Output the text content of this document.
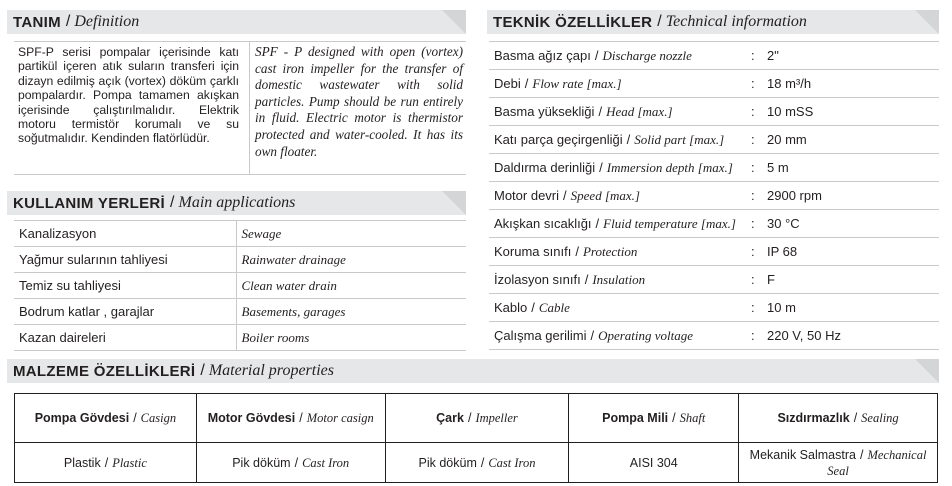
TANIM / Definition
SPF-P serisi pompalar içerisinde katı partikül içeren atık suların transferi için dizayn edilmiş açık (vortex) döküm çarklı pompalardır. Pompa tamamen akışkan içerisinde çalıştırılmalıdır. Elektrik motoru termistör korumalı ve su soğutmalıdır. Kendinden flatörlüdür.
SPF - P designed with open (vortex) cast iron impeller for the transfer of domestic wastewater with solid particles. Pump should be run entirely in fluid. Electric motor is thermistor protected and water-cooled. It has its own floater.
KULLANIM YERLERİ / Main applications
Kanalizasyon	Sewage
Yağmur sularının tahliyesi	Rainwater drainage
Temiz su tahliyesi	Clean water drain
Bodrum katlar , garajlar	Basements, garages
Kazan daireleri	Boiler rooms
TEKNİK ÖZELLİKLER / Technical information
Basma ağız çapı / Discharge nozzle	:	2"
Debi / Flow rate [max.]	:	18 m³/h
Basma yüksekliği / Head [max.]	:	10 mSS
Katı parça geçirgenliği / Solid part [max.]	:	20 mm
Daldırma derinliği / Immersion depth [max.]	:	5 m
Motor devri / Speed [max.]	:	2900 rpm
Akışkan sıcaklığı / Fluid temperature [max.]	:	30 °C
Koruma sınıfı / Protection	:	IP 68
İzolasyon sınıfı / Insulation	:	F
Kablo / Cable	:	10 m
Çalışma gerilimi / Operating voltage	:	220 V, 50 Hz
MALZEME ÖZELLİKLERİ / Material properties
Pompa Gövdesi / Casign	Motor Gövdesi / Motor casign	Çark / Impeller	Pompa Mili / Shaft	Sızdırmazlık / Sealing
Plastik / Plastic	Pik döküm / Cast Iron	Pik döküm / Cast Iron	AISI 304	Mekanik Salmastra / Mechanical Seal
